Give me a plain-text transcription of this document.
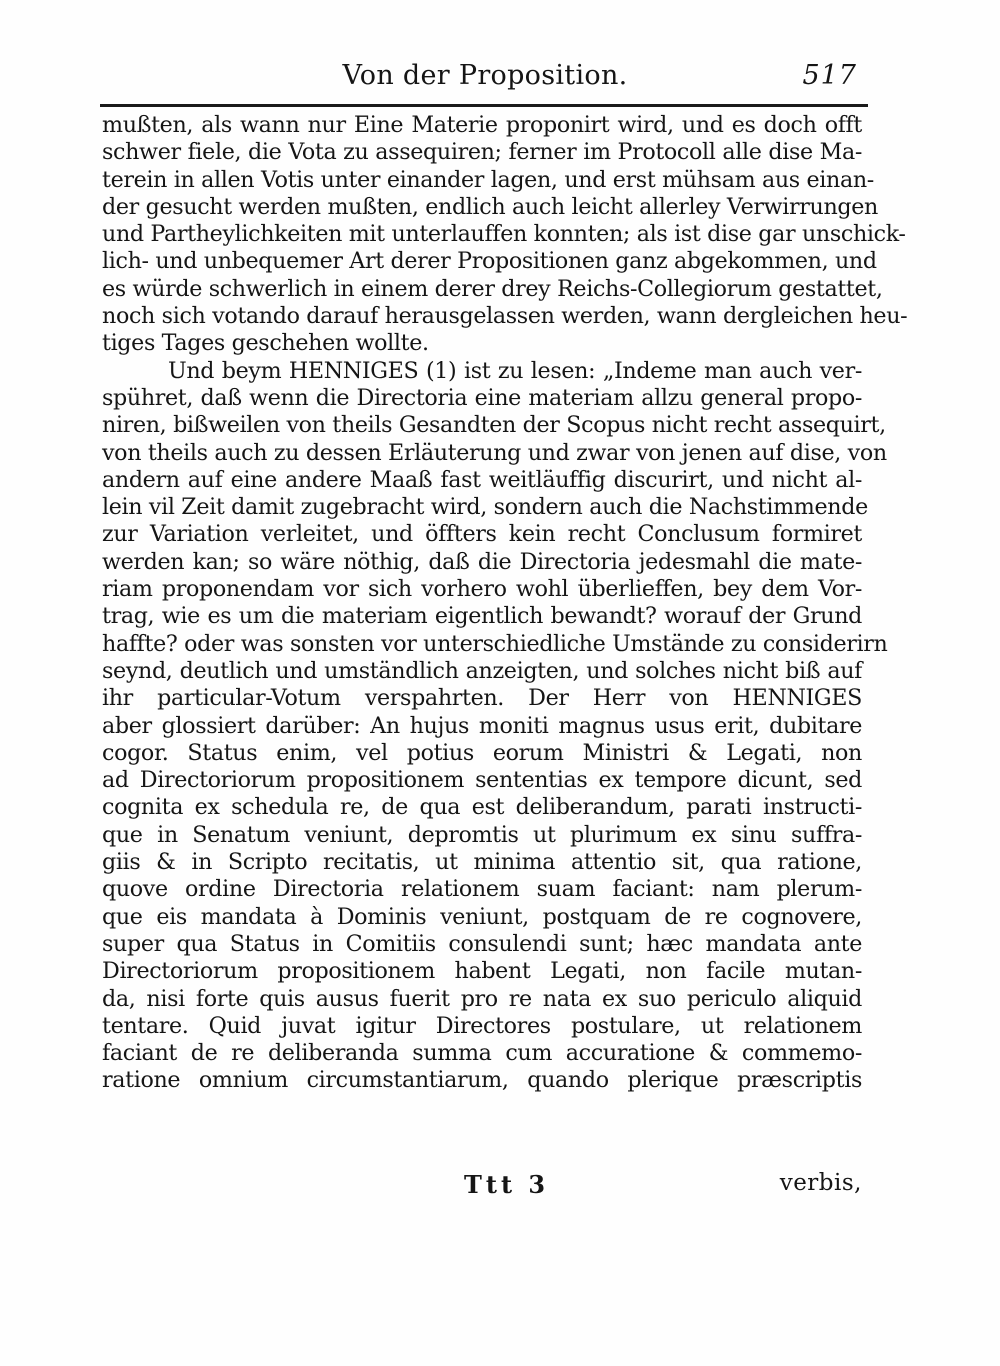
Von der Proposition.	517
mußten, als wann nur Eine Materie proponirt wird, und es doch offt
schwer fiele, die Vota zu assequiren; ferner im Protocoll alle dise Ma-
terein in allen Votis unter einander lagen, und erst mühsam aus einan-
der gesucht werden mußten, endlich auch leicht allerley Verwirrungen
und Partheylichkeiten mit unterlauffen konnten; als ist dise gar unschick-
lich- und unbequemer Art derer Propositionen ganz abgekommen, und
es würde schwerlich in einem derer drey Reichs-Collegiorum gestattet,
noch sich votando darauf herausgelassen werden, wann dergleichen heu-
tiges Tages geschehen wollte.
Und beym HENNIGES (1) ist zu lesen: „Indeme man auch ver-
spühret, daß wenn die Directoria eine materiam allzu general propo-
niren, bißweilen von theils Gesandten der Scopus nicht recht assequirt,
von theils auch zu dessen Erläuterung und zwar von jenen auf dise, von
andern auf eine andere Maaß fast weitläuffig discurirt, und nicht al-
lein vil Zeit damit zugebracht wird, sondern auch die Nachstimmende
zur Variation verleitet, und öffters kein recht Conclusum formiret
werden kan; so wäre nöthig, daß die Directoria jedesmahl die mate-
riam proponendam vor sich vorhero wohl überlieffen, bey dem Vor-
trag, wie es um die materiam eigentlich bewandt? worauf der Grund
haffte? oder was sonsten vor unterschiedliche Umstände zu considerirn
seynd, deutlich und umständlich anzeigten, und solches nicht biß auf
ihr particular-Votum verspahrten. Der Herr von HENNIGES
aber glossiert darüber: An hujus moniti magnus usus erit, dubitare
cogor. Status enim, vel potius eorum Ministri & Legati, non
ad Directoriorum propositionem sententias ex tempore dicunt, sed
cognita ex schedula re, de qua est deliberandum, parati instructi-
que in Senatum veniunt, depromtis ut plurimum ex sinu suffra-
giis & in Scripto recitatis, ut minima attentio sit, qua ratione,
quove ordine Directoria relationem suam faciant: nam plerum-
que eis mandata à Dominis veniunt, postquam de re cognovere,
super qua Status in Comitiis consulendi sunt; hæc mandata ante
Directoriorum propositionem habent Legati, non facile mutan-
da, nisi forte quis ausus fuerit pro re nata ex suo periculo aliquid
tentare. Quid juvat igitur Directores postulare, ut relationem
faciant de re deliberanda summa cum accuratione & commemo-
ratione omnium circumstantiarum, quando plerique præscriptis
Ttt 3	verbis,
